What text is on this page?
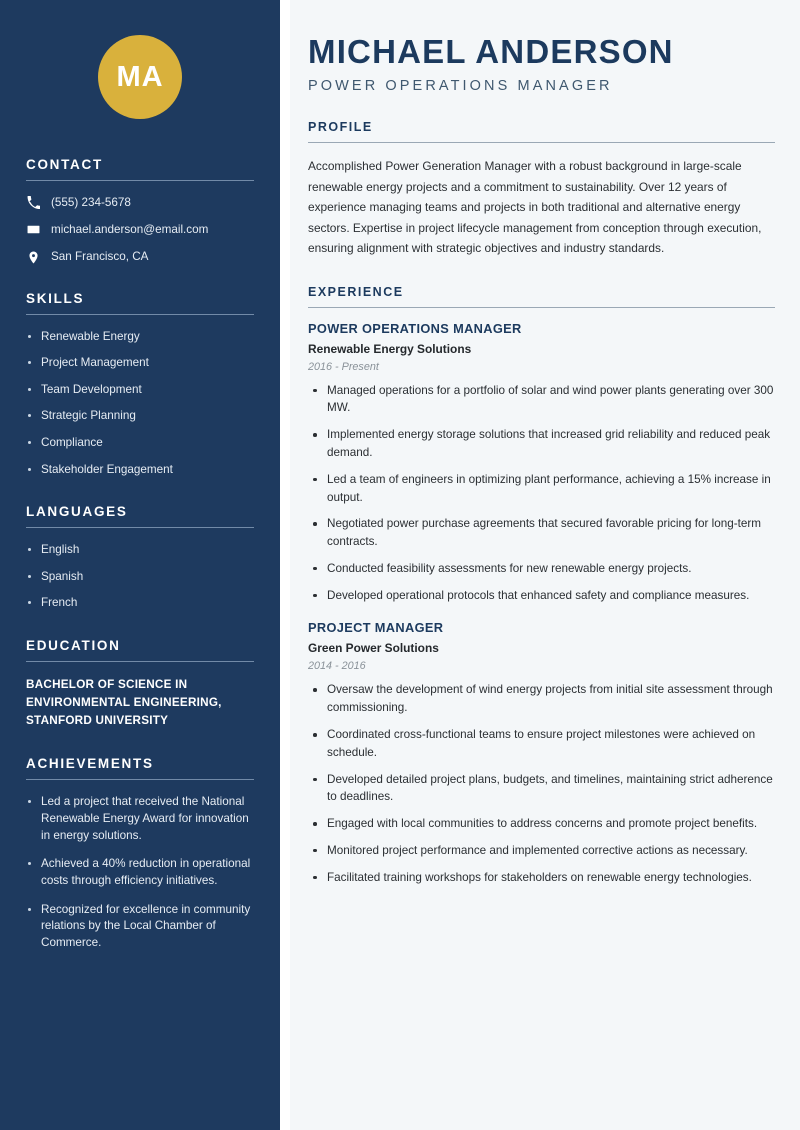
MA
CONTACT
(555) 234-5678
michael.anderson@email.com
San Francisco, CA
SKILLS
Renewable Energy
Project Management
Team Development
Strategic Planning
Compliance
Stakeholder Engagement
LANGUAGES
English
Spanish
French
EDUCATION
BACHELOR OF SCIENCE IN ENVIRONMENTAL ENGINEERING, STANFORD UNIVERSITY
ACHIEVEMENTS
Led a project that received the National Renewable Energy Award for innovation in energy solutions.
Achieved a 40% reduction in operational costs through efficiency initiatives.
Recognized for excellence in community relations by the Local Chamber of Commerce.
MICHAEL ANDERSON
POWER OPERATIONS MANAGER
PROFILE

Accomplished Power Generation Manager with a robust background in large-scale renewable energy projects and a commitment to sustainability. Over 12 years of experience managing teams and projects in both traditional and alternative energy sectors. Expertise in project lifecycle management from conception through execution, ensuring alignment with strategic objectives and industry standards.

EXPERIENCE
POWER OPERATIONS MANAGER
Renewable Energy Solutions
2016 - Present
Managed operations for a portfolio of solar and wind power plants generating over 300 MW.
Implemented energy storage solutions that increased grid reliability and reduced peak demand.
Led a team of engineers in optimizing plant performance, achieving a 15% increase in output.
Negotiated power purchase agreements that secured favorable pricing for long-term contracts.
Conducted feasibility assessments for new renewable energy projects.
Developed operational protocols that enhanced safety and compliance measures.
PROJECT MANAGER
Green Power Solutions
2014 - 2016
Oversaw the development of wind energy projects from initial site assessment through commissioning.
Coordinated cross-functional teams to ensure project milestones were achieved on schedule.
Developed detailed project plans, budgets, and timelines, maintaining strict adherence to deadlines.
Engaged with local communities to address concerns and promote project benefits.
Monitored project performance and implemented corrective actions as necessary.
Facilitated training workshops for stakeholders on renewable energy technologies.
